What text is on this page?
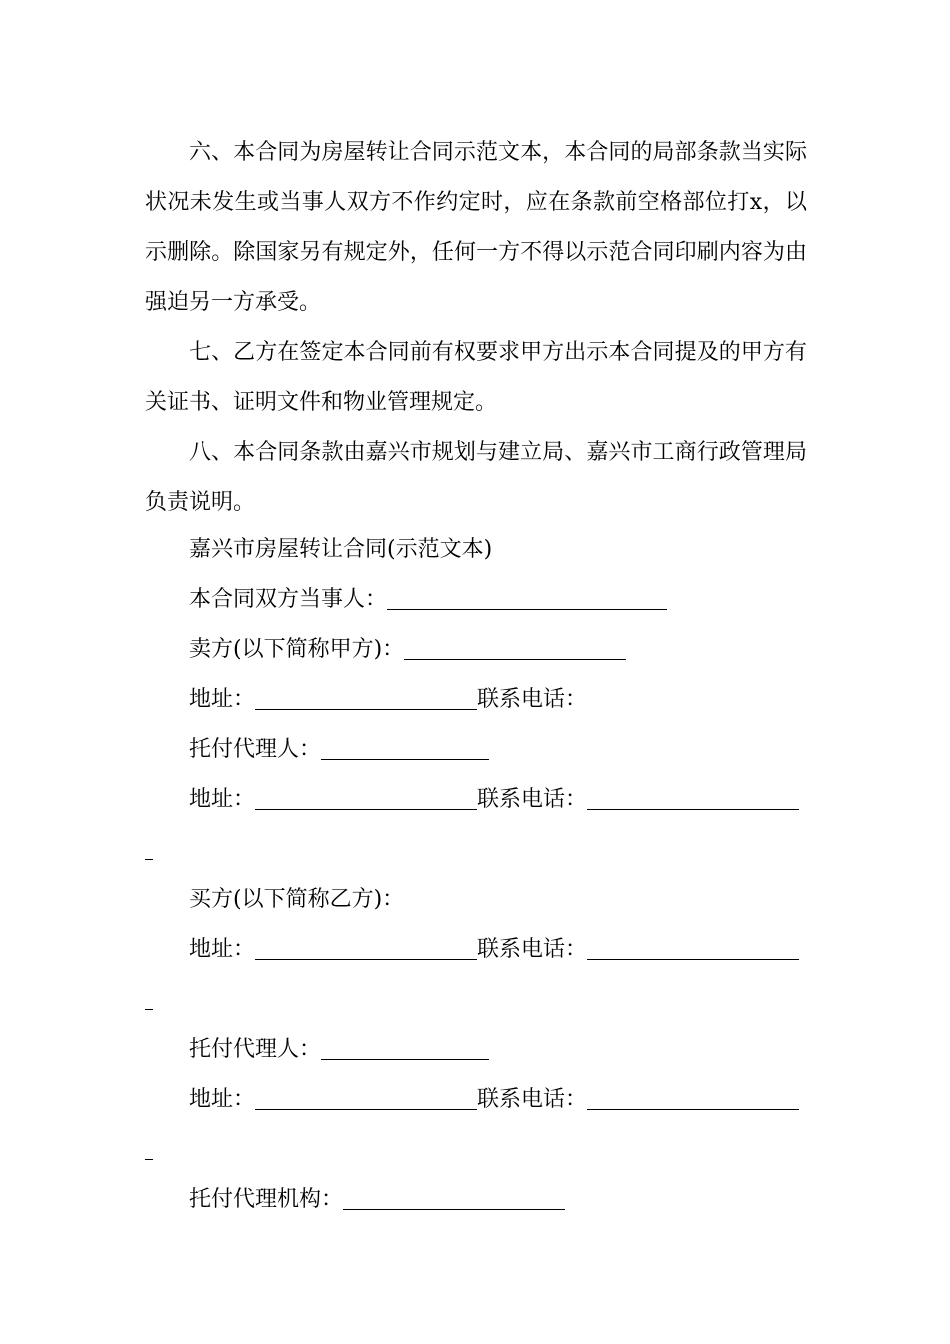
六、本合同为房屋转让合同示范文本，本合同的局部条款当实际状况未发生或当事人双方不作约定时，应在条款前空格部位打x，以示删除。除国家另有规定外，任何一方不得以示范合同印刷内容为由强迫另一方承受。

七、乙方在签定本合同前有权要求甲方出示本合同提及的甲方有关证书、证明文件和物业管理规定。

八、本合同条款由嘉兴市规划与建立局、嘉兴市工商行政管理局负责说明。

嘉兴市房屋转让合同(示范文本)

本合同双方当事人：

卖方(以下简称甲方)：

地址：	联系电话：

托付代理人：

地址：	联系电话：

买方(以下简称乙方)：

地址：	联系电话：

托付代理人：

地址：	联系电话：

托付代理机构：
